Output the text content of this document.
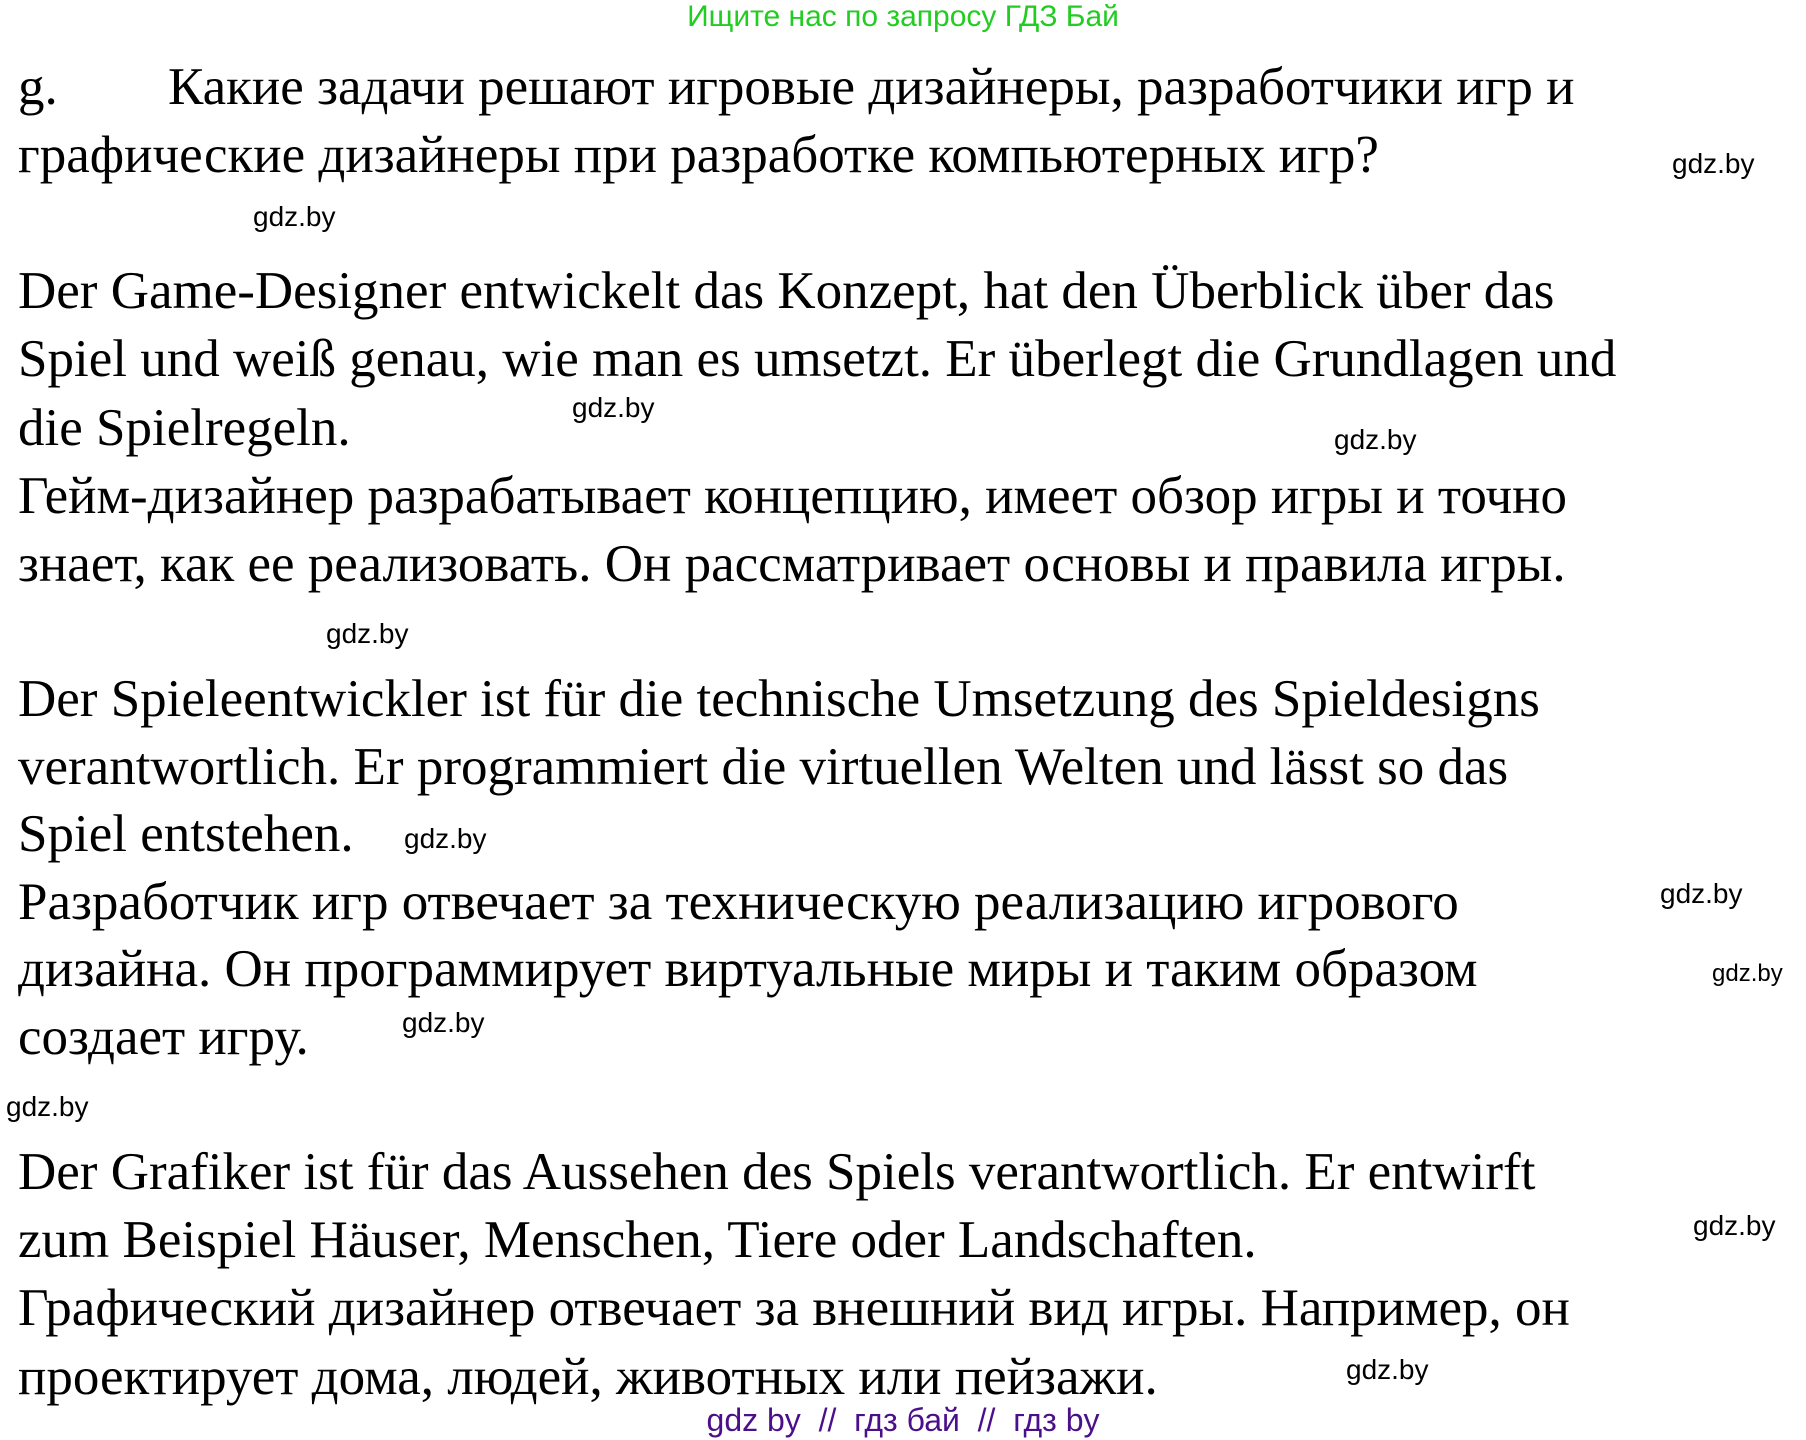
Ищите нас по запросу ГДЗ Бай
g. Какие задачи решают игровые дизайнеры, разработчики игр и
графические дизайнеры при разработке компьютерных игр?
Der Game-Designer entwickelt das Konzept, hat den Überblick über das
Spiel und weiß genau, wie man es umsetzt. Er überlegt die Grundlagen und
die Spielregeln.
Гейм-дизайнер разрабатывает концепцию, имеет обзор игры и точно
знает, как ее реализовать. Он рассматривает основы и правила игры.
Der Spieleentwickler ist für die technische Umsetzung des Spieldesigns
verantwortlich. Er programmiert die virtuellen Welten und lässt so das
Spiel entstehen.
Разработчик игр отвечает за техническую реализацию игрового
дизайна. Он программирует виртуальные миры и таким образом
создает игру.
Der Grafiker ist für das Aussehen des Spiels verantwortlich. Er entwirft
zum Beispiel Häuser, Menschen, Tiere oder Landschaften.
Графический дизайнер отвечает за внешний вид игры. Например, он
проектирует дома, людей, животных или пейзажи.
gdz.by
gdz.by
gdz.by
gdz.by
gdz.by
gdz.by
gdz.by
gdz.by
gdz.by
gdz.by
gdz.by
gdz.by
gdz by  //  гдз бай  //  гдз by
